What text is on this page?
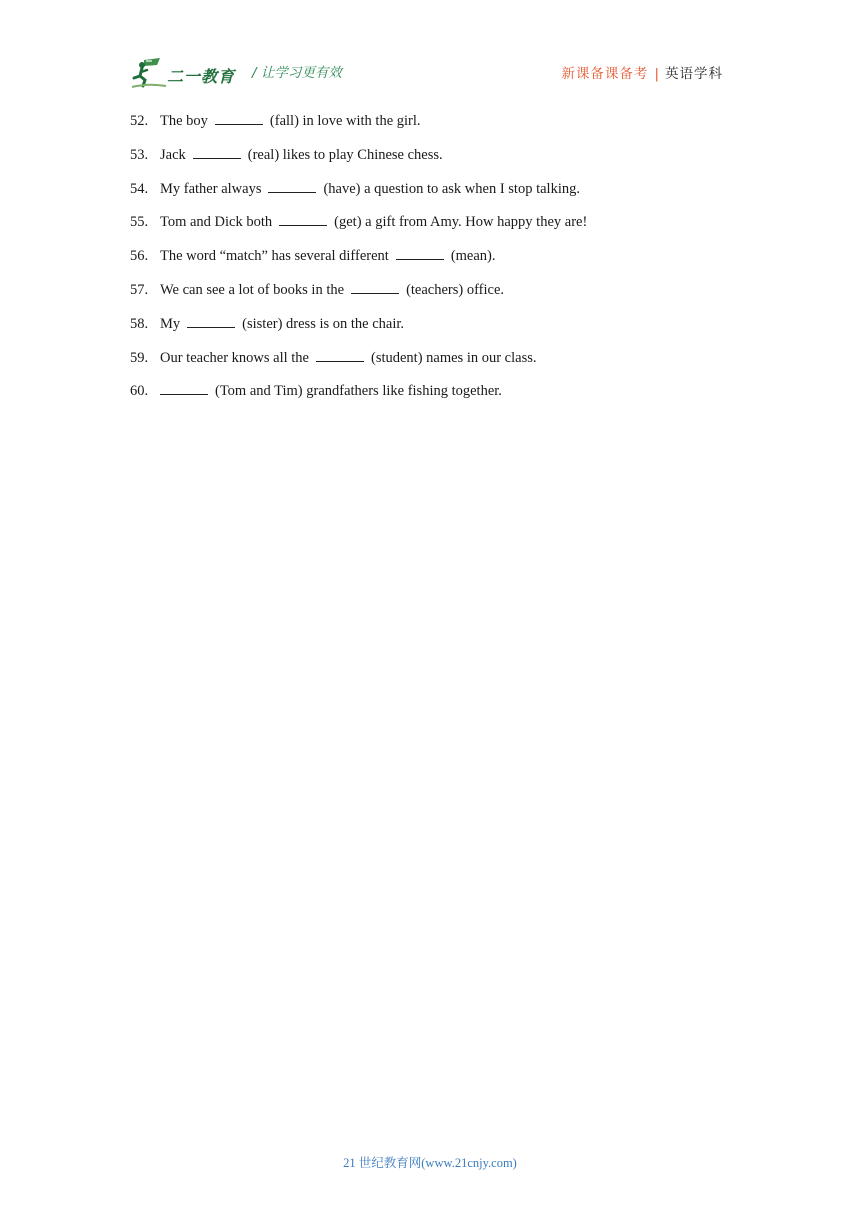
二一教育 / 让学习更有效	新课备课备考 | 英语学科
52. The boy	(fall) in love with the girl.
53. Jack	(real) likes to play Chinese chess.
54. My father always	(have) a question to ask when I stop talking.
55. Tom and Dick both	(get) a gift from Amy. How happy they are!
56. The word “match” has several different	(mean).
57. We can see a lot of books in the	(teachers) office.
58. My	(sister) dress is on the chair.
59. Our teacher knows all the	(student) names in our class.
60.	(Tom and Tim) grandfathers like fishing together.
21 世纪教育网(www.21cnjy.com)
